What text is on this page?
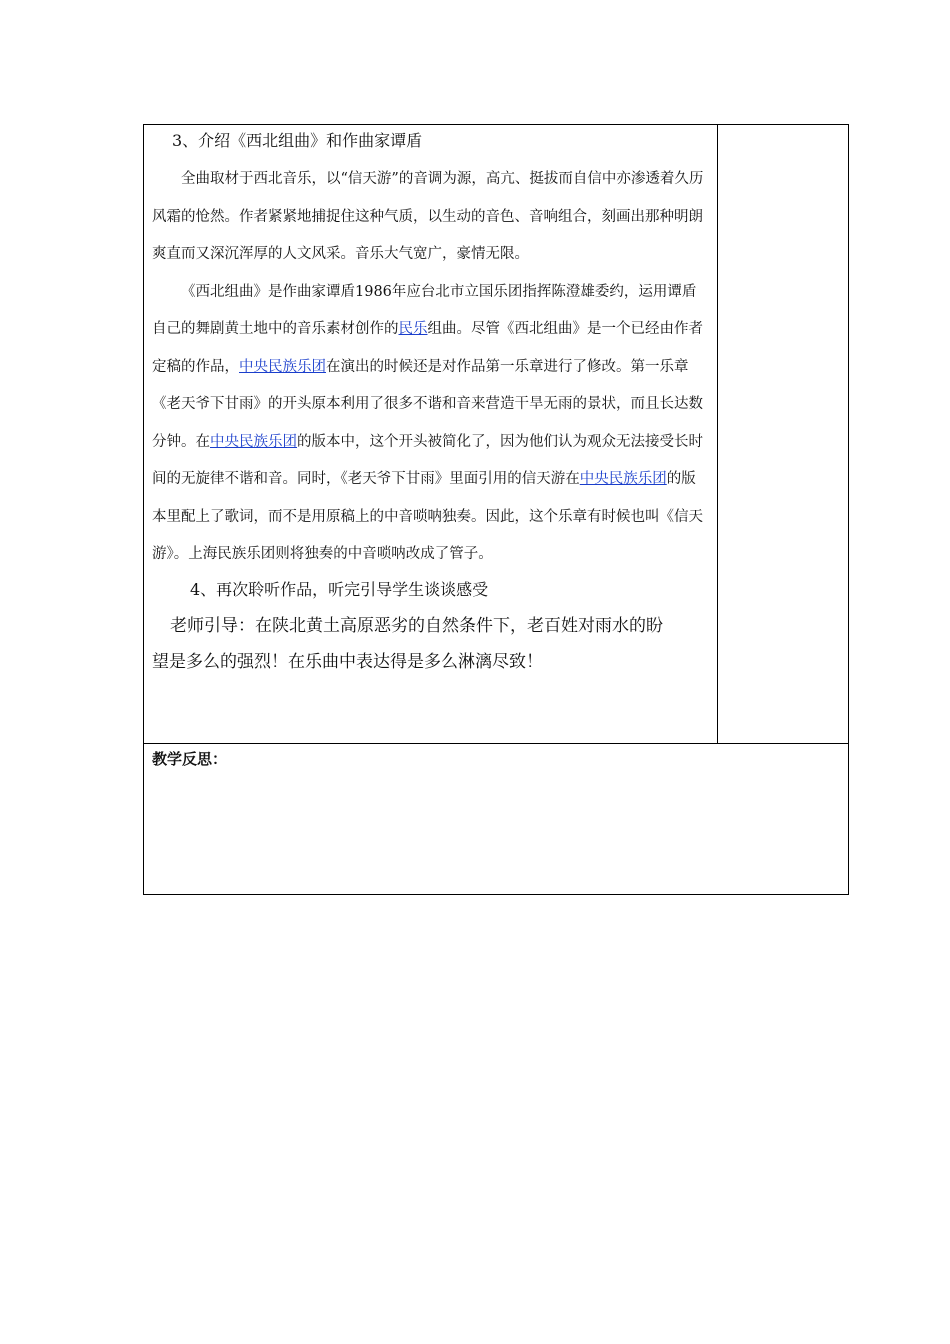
3、介绍《西北组曲》和作曲家谭盾

全曲取材于西北音乐，以“信天游”的音调为源，高亢、挺拔而自信中亦渗透着久历风霜的怆然。作者紧紧地捕捉住这种气质，以生动的音色、音响组合，刻画出那种明朗爽直而又深沉浑厚的人文风采。音乐大气宽广，豪情无限。

《西北组曲》是作曲家谭盾1986年应台北市立国乐团指挥陈澄雄委约，运用谭盾自己的舞剧黄土地中的音乐素材创作的民乐组曲。尽管《西北组曲》是一个已经由作者定稿的作品，中央民族乐团在演出的时候还是对作品第一乐章进行了修改。第一乐章《老天爷下甘雨》的开头原本利用了很多不谐和音来营造干旱无雨的景状，而且长达数分钟。在中央民族乐团的版本中，这个开头被简化了，因为他们认为观众无法接受长时间的无旋律不谐和音。同时，《老天爷下甘雨》里面引用的信天游在中央民族乐团的版本里配上了歌词，而不是用原稿上的中音唢呐独奏。因此，这个乐章有时候也叫《信天游》。上海民族乐团则将独奏的中音唢呐改成了管子。

4、再次聆听作品，听完引导学生谈谈感受

老师引导：在陕北黄土高原恶劣的自然条件下，老百姓对雨水的盼
望是多么的强烈！在乐曲中表达得是多么淋漓尽致！

教学反思：
